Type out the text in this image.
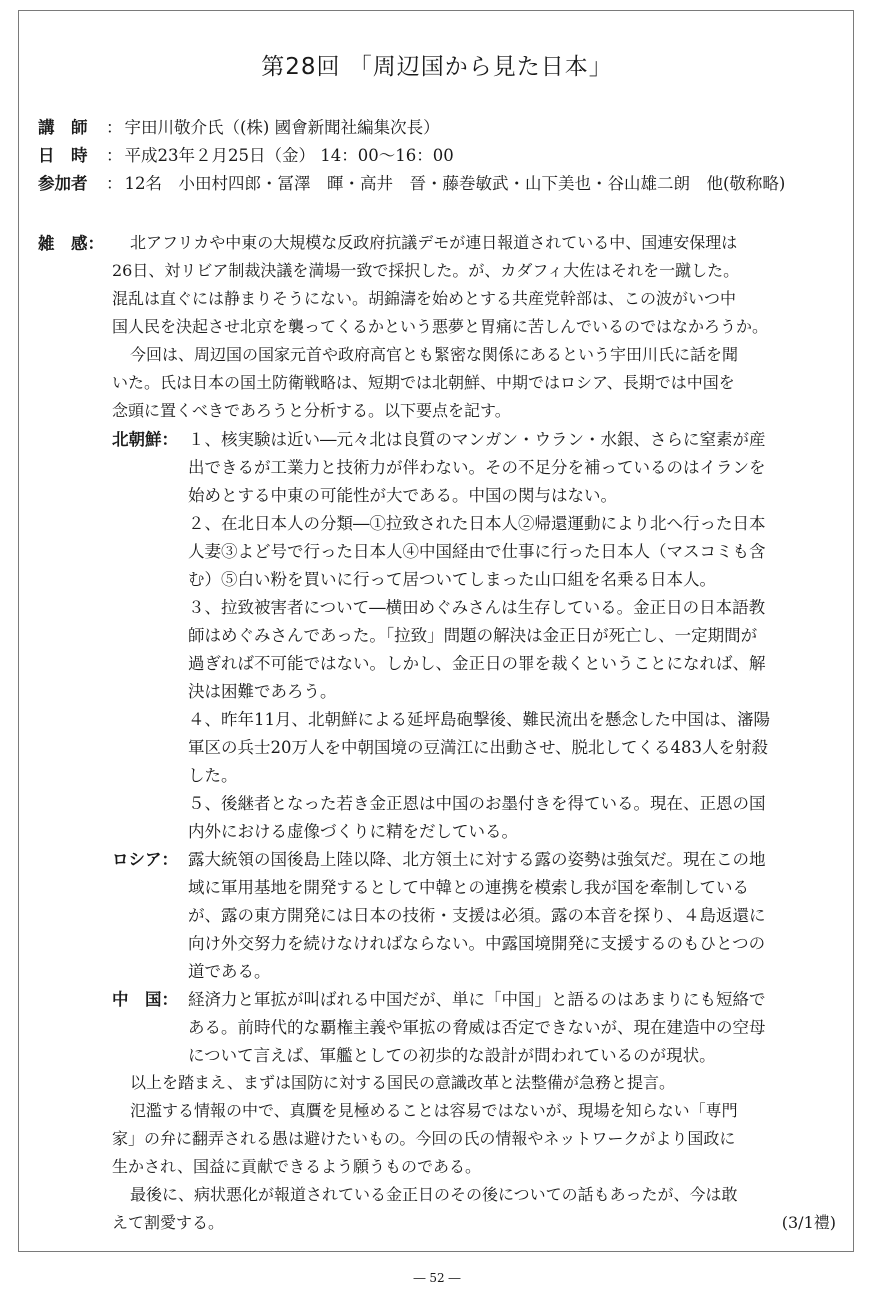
第28回 「周辺国から見た日本」
講　師 ： 宇田川敬介氏（(株) 國會新聞社編集次長）
日　時 ： 平成23年２月25日（金） 14：00〜16：00
参加者 ： 12名　小田村四郎・冨澤　暉・高井　晉・藤巻敏武・山下美也・谷山雄二朗　他(敬称略)
雑　感： 北アフリカや中東の大規模な反政府抗議デモが連日報道されている中、国連安保理は
26日、対リビア制裁決議を満場一致で採択した。が、カダフィ大佐はそれを一蹴した。
混乱は直ぐには静まりそうにない。胡錦濤を始めとする共産党幹部は、この波がいつ中
国人民を決起させ北京を襲ってくるかという悪夢と胃痛に苦しんでいるのではなかろうか。
今回は、周辺国の国家元首や政府高官とも緊密な関係にあるという宇田川氏に話を聞
いた。氏は日本の国土防衛戦略は、短期では北朝鮮、中期ではロシア、長期では中国を
念頭に置くべきであろうと分析する。以下要点を記す。
北朝鮮： １、核実験は近い―元々北は良質のマンガン・ウラン・水銀、さらに窒素が産
出できるが工業力と技術力が伴わない。その不足分を補っているのはイランを
始めとする中東の可能性が大である。中国の関与はない。
２、在北日本人の分類―①拉致された日本人②帰還運動により北へ行った日本
人妻③よど号で行った日本人④中国経由で仕事に行った日本人（マスコミも含
む）⑤白い粉を買いに行って居ついてしまった山口組を名乗る日本人。
３、拉致被害者について―横田めぐみさんは生存している。金正日の日本語教
師はめぐみさんであった。「拉致」問題の解決は金正日が死亡し、一定期間が
過ぎれば不可能ではない。しかし、金正日の罪を裁くということになれば、解
決は困難であろう。
４、昨年11月、北朝鮮による延坪島砲撃後、難民流出を懸念した中国は、瀋陽
軍区の兵士20万人を中朝国境の豆満江に出動させ、脱北してくる483人を射殺
した。
５、後継者となった若き金正恩は中国のお墨付きを得ている。現在、正恩の国
内外における虚像づくりに精をだしている。
ロシア： 露大統領の国後島上陸以降、北方領土に対する露の姿勢は強気だ。現在この地
域に軍用基地を開発するとして中韓との連携を模索し我が国を牽制している
が、露の東方開発には日本の技術・支援は必須。露の本音を探り、４島返還に
向け外交努力を続けなければならない。中露国境開発に支援するのもひとつの
道である。
中　国： 経済力と軍拡が叫ばれる中国だが、単に「中国」と語るのはあまりにも短絡で
ある。前時代的な覇権主義や軍拡の脅威は否定できないが、現在建造中の空母
について言えば、軍艦としての初歩的な設計が問われているのが現状。
以上を踏まえ、まずは国防に対する国民の意識改革と法整備が急務と提言。
氾濫する情報の中で、真贋を見極めることは容易ではないが、現場を知らない「専門
家」の弁に翻弄される愚は避けたいもの。今回の氏の情報やネットワークがより国政に
生かされ、国益に貢献できるよう願うものである。
最後に、病状悪化が報道されている金正日のその後についての話もあったが、今は敢
えて割愛する。	(3/1禮)
― 52 ―
